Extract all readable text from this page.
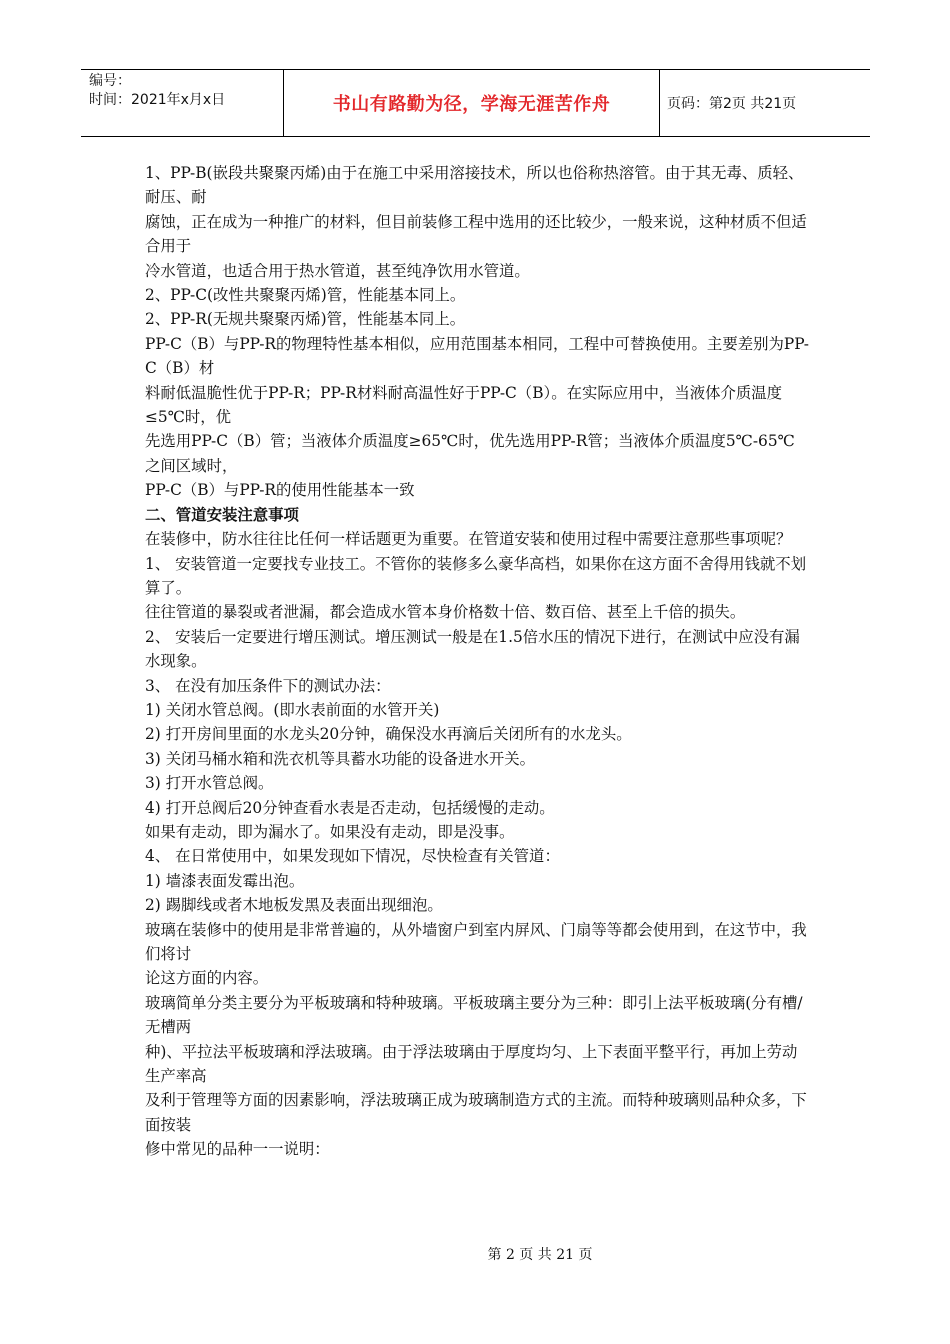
编号：
时间：2021年x月x日	书山有路勤为径，学海无涯苦作舟	页码：第2页 共21页

1、PP-B(嵌段共聚聚丙烯)由于在施工中采用溶接技术，所以也俗称热溶管。由于其无毒、质轻、耐压、耐

腐蚀，正在成为一种推广的材料，但目前装修工程中选用的还比较少，一般来说，这种材质不但适合用于

冷水管道，也适合用于热水管道，甚至纯净饮用水管道。

2、PP-C(改性共聚聚丙烯)管，性能基本同上。

2、PP-R(无规共聚聚丙烯)管，性能基本同上。

PP-C（B）与PP-R的物理特性基本相似，应用范围基本相同，工程中可替换使用。主要差别为PP-C（B）材

料耐低温脆性优于PP-R；PP-R材料耐高温性好于PP-C（B）。在实际应用中，当液体介质温度≤5℃时，优

先选用PP-C（B）管；当液体介质温度≥65℃时，优先选用PP-R管；当液体介质温度5℃-65℃之间区域时，

PP-C（B）与PP-R的使用性能基本一致

二、管道安装注意事项

在装修中，防水往往比任何一样话题更为重要。在管道安装和使用过程中需要注意那些事项呢？

1、 安装管道一定要找专业技工。不管你的装修多么豪华高档，如果你在这方面不舍得用钱就不划算了。

往往管道的暴裂或者泄漏，都会造成水管本身价格数十倍、数百倍、甚至上千倍的损失。

2、 安装后一定要进行增压测试。增压测试一般是在1.5倍水压的情况下进行，在测试中应没有漏水现象。

3、 在没有加压条件下的测试办法：

1) 关闭水管总阀。(即水表前面的水管开关)

2) 打开房间里面的水龙头20分钟，确保没水再滴后关闭所有的水龙头。

3) 关闭马桶水箱和洗衣机等具蓄水功能的设备进水开关。

3) 打开水管总阀。

4) 打开总阀后20分钟查看水表是否走动，包括缓慢的走动。

如果有走动，即为漏水了。如果没有走动，即是没事。

4、 在日常使用中，如果发现如下情况，尽快检查有关管道：

1) 墙漆表面发霉出泡。

2) 踢脚线或者木地板发黑及表面出现细泡。

玻璃在装修中的使用是非常普遍的，从外墙窗户到室内屏风、门扇等等都会使用到，在这节中，我们将讨

论这方面的内容。

玻璃简单分类主要分为平板玻璃和特种玻璃。平板玻璃主要分为三种：即引上法平板玻璃(分有槽/无槽两

种)、平拉法平板玻璃和浮法玻璃。由于浮法玻璃由于厚度均匀、上下表面平整平行，再加上劳动生产率高

及利于管理等方面的因素影响，浮法玻璃正成为玻璃制造方式的主流。而特种玻璃则品种众多，下面按装

修中常见的品种一一说明：

第 2 页 共 21 页
